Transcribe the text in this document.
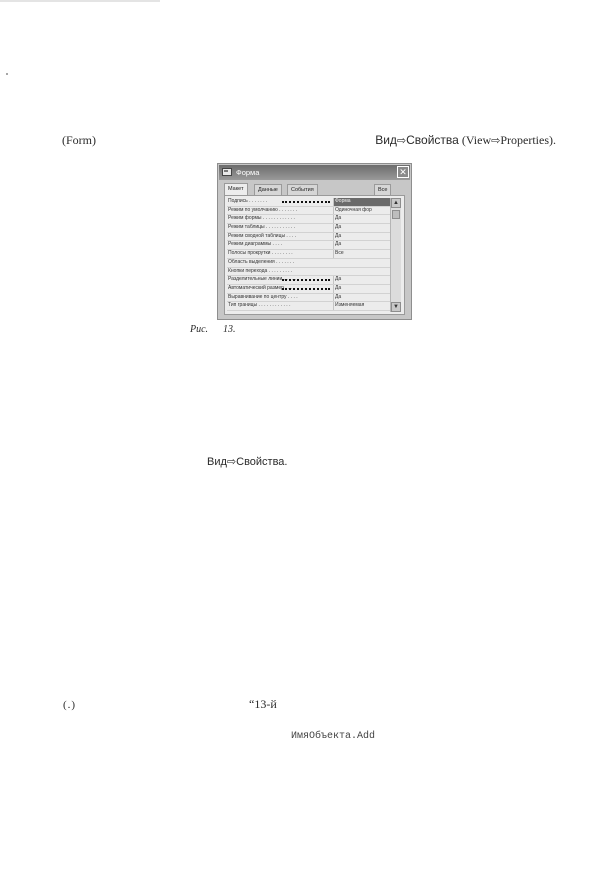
(Form)	Вид⇨Свойства (View⇨Properties).
Форма	✕
Макет	Данные	События	Все
Подпись . . . . . . .	Форма
Режим по умолчанию . . . . . . .	Одиночная фор
Режим формы . . . . . . . . . . . .	Да
Режим таблицы . . . . . . . . . . .	Да
Режим сводной таблицы . . . .	Да
Режим диаграммы . . . .	Да
Полосы прокрутки . . . . . . . .	Все
Область выделения . . . . . . .
Кнопки перехода . . . . . . . . .
Разделительные линии . . . . .	Да
Автоматический размер . . . .	Да
Выравнивание по центру . . . .	Да
Тип границы . . . . . . . . . . . .	Изменяемая
▲
▼
Рис. 13.
Вид⇨Свойства.
(.)	“13-й
ИмяОбъекта.Add
